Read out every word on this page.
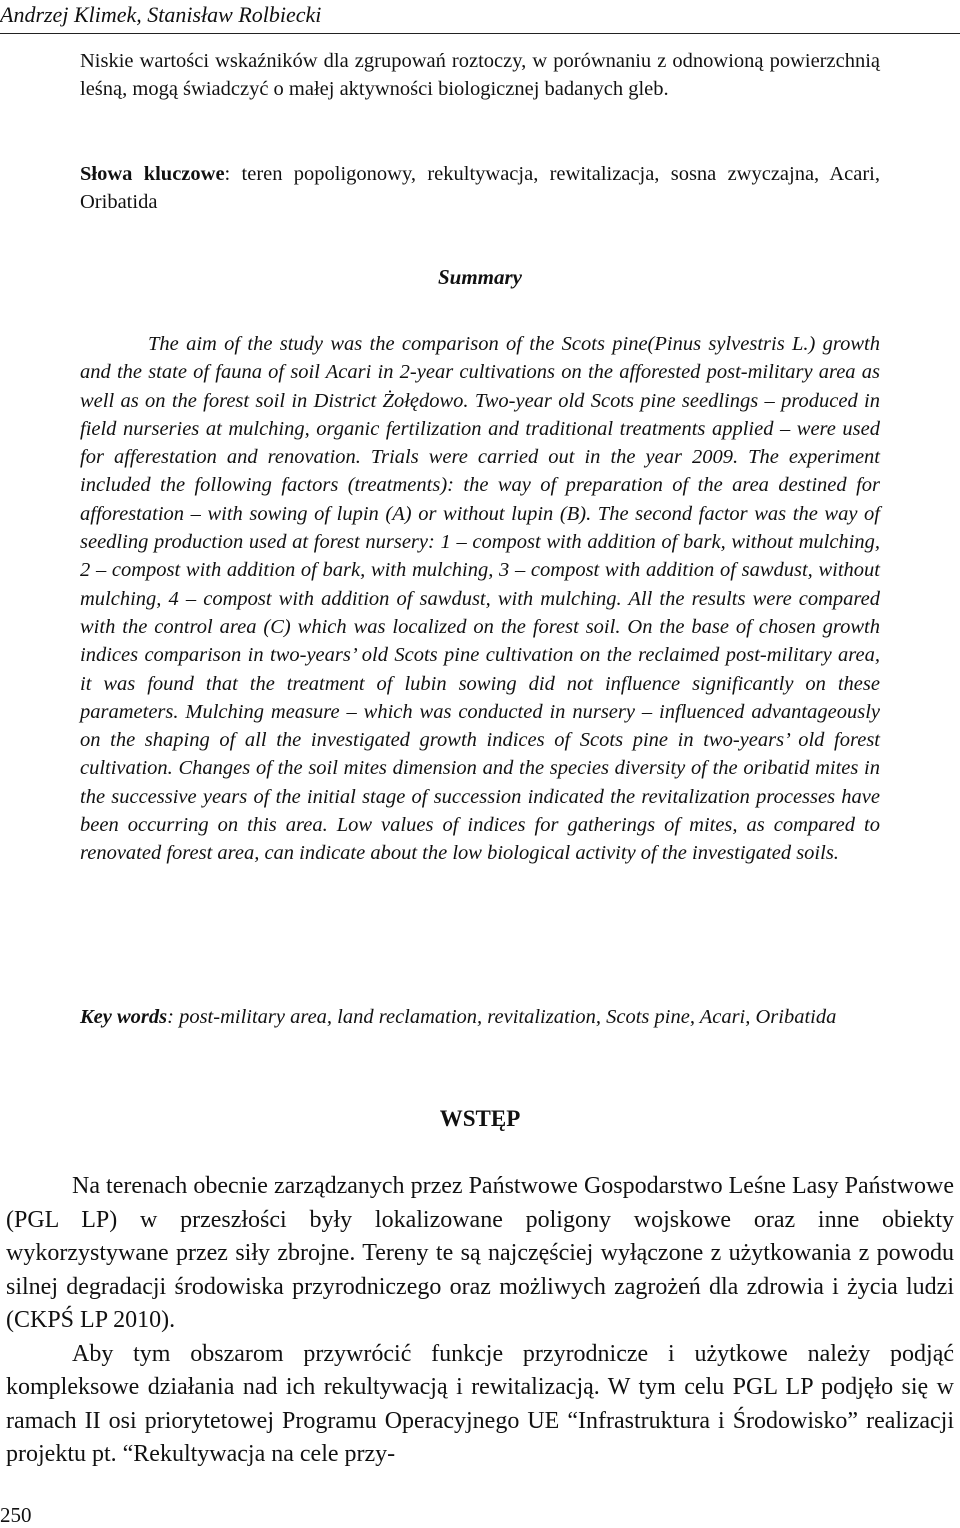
Andrzej Klimek, Stanisław Rolbiecki
Niskie wartości wskaźników dla zgrupowań roztoczy, w porównaniu z odnowioną powierzchnią leśną, mogą świadczyć o małej aktywności biologicznej badanych gleb.
Słowa kluczowe: teren popoligonowy, rekultywacja, rewitalizacja, sosna zwyczajna, Acari, Oribatida
Summary
The aim of the study was the comparison of the Scots pine(Pinus sylvestris L.) growth and the state of fauna of soil Acari in 2-year cultivations on the afforested post-military area as well as on the forest soil in District Żołędowo. Two-year old Scots pine seedlings – produced in field nurseries at mulching, organic fertilization and traditional treatments applied – were used for afferestation and renovation. Trials were carried out in the year 2009. The experiment included the following factors (treatments): the way of preparation of the area destined for afforestation – with sowing of lupin (A) or without lupin (B). The second factor was the way of seedling production used at forest nursery: 1 – compost with addition of bark, without mulching, 2 – compost with addition of bark, with mulching, 3 – compost with addition of sawdust, without mulching, 4 – compost with addition of sawdust, with mulching. All the results were compared with the control area (C) which was localized on the forest soil. On the base of chosen growth indices comparison in two-years’ old Scots pine cultivation on the reclaimed post-military area, it was found that the treatment of lubin sowing did not influence significantly on these parameters. Mulching measure – which was conducted in nursery – influenced advantageously on the shaping of all the investigated growth indices of Scots pine in two-years’ old forest cultivation. Changes of the soil mites dimension and the species diversity of the oribatid mites in the successive years of the initial stage of succession indicated the revitalization processes have been occurring on this area. Low values of indices for gatherings of mites, as compared to renovated forest area, can indicate about the low biological activity of the investigated soils.
Key words: post-military area, land reclamation, revitalization, Scots pine, Acari, Oribatida
WSTĘP

Na terenach obecnie zarządzanych przez Państwowe Gospodarstwo Leśne Lasy Państwowe (PGL LP) w przeszłości były lokalizowane poligony wojskowe oraz inne obiekty wykorzystywane przez siły zbrojne. Tereny te są najczęściej wyłączone z użytkowania z powodu silnej degradacji środowiska przyrodniczego oraz możliwych zagrożeń dla zdrowia i życia ludzi (CKPŚ LP 2010).

Aby tym obszarom przywrócić funkcje przyrodnicze i użytkowe należy podjąć kompleksowe działania nad ich rekultywacją i rewitalizacją. W tym celu PGL LP podjęło się w ramach II osi priorytetowej Programu Operacyjnego UE “Infrastruktura i Środowisko” realizacji projektu pt. “Rekultywacja na cele przy-

250
